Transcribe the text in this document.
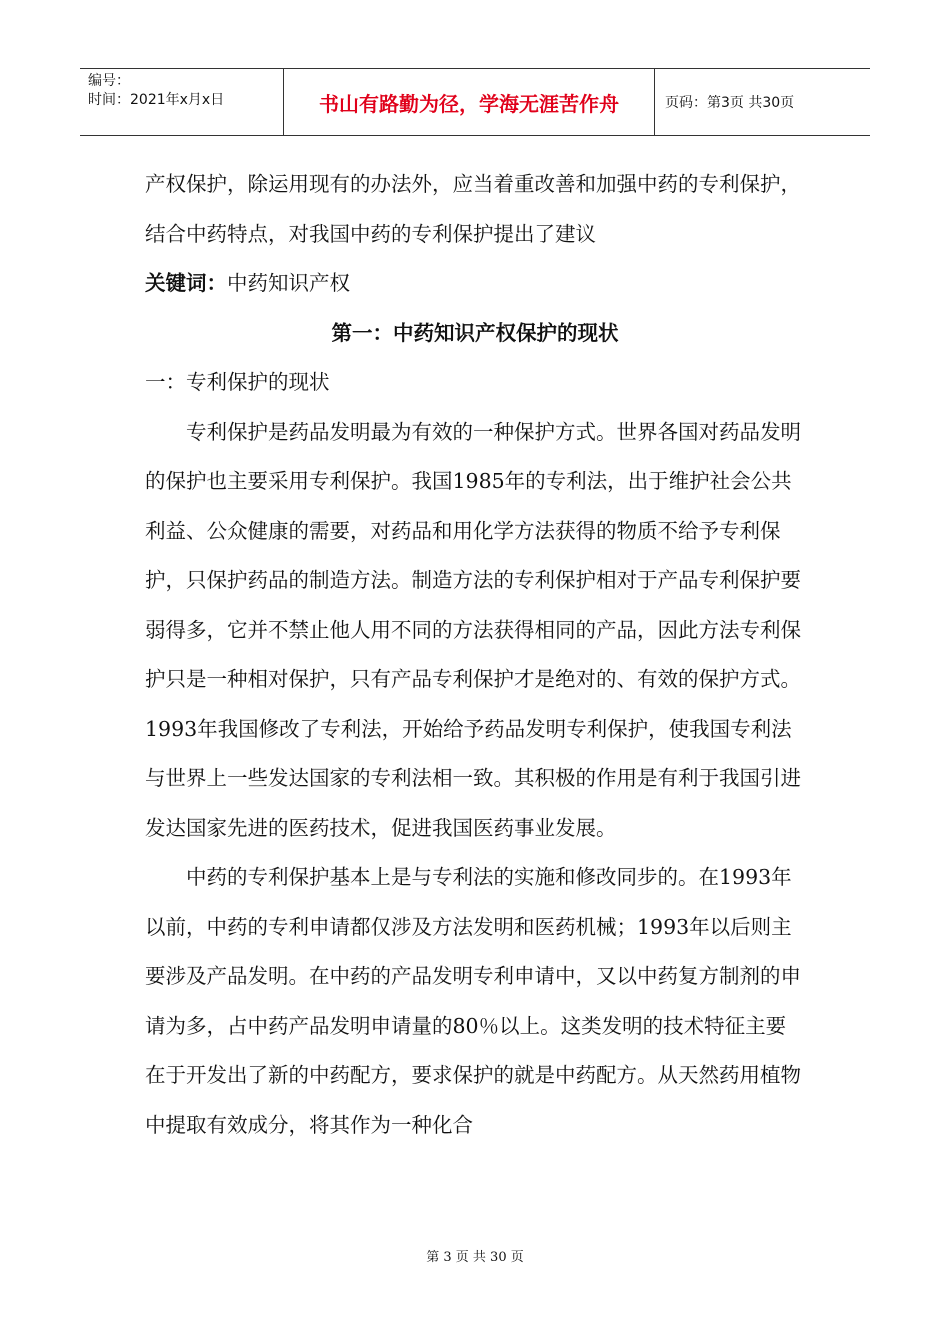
编号：
时间：2021年x月x日	书山有路勤为径，学海无涯苦作舟	页码：第3页 共30页

产权保护，除运用现有的办法外，应当着重改善和加强中药的专利保护，结合中药特点，对我国中药的专利保护提出了建议

关键词：中药知识产权

第一：中药知识产权保护的现状

一：专利保护的现状

专利保护是药品发明最为有效的一种保护方式。世界各国对药品发明的保护也主要采用专利保护。我国1985年的专利法，出于维护社会公共利益、公众健康的需要，对药品和用化学方法获得的物质不给予专利保护，只保护药品的制造方法。制造方法的专利保护相对于产品专利保护要弱得多，它并不禁止他人用不同的方法获得相同的产品，因此方法专利保护只是一种相对保护，只有产品专利保护才是绝对的、有效的保护方式。1993年我国修改了专利法，开始给予药品发明专利保护，使我国专利法与世界上一些发达国家的专利法相一致。其积极的作用是有利于我国引进发达国家先进的医药技术，促进我国医药事业发展。

中药的专利保护基本上是与专利法的实施和修改同步的。在1993年以前，中药的专利申请都仅涉及方法发明和医药机械；1993年以后则主要涉及产品发明。在中药的产品发明专利申请中，又以中药复方制剂的申请为多，占中药产品发明申请量的80％以上。这类发明的技术特征主要在于开发出了新的中药配方，要求保护的就是中药配方。从天然药用植物中提取有效成分，将其作为一种化合

第 3 页 共 30 页
